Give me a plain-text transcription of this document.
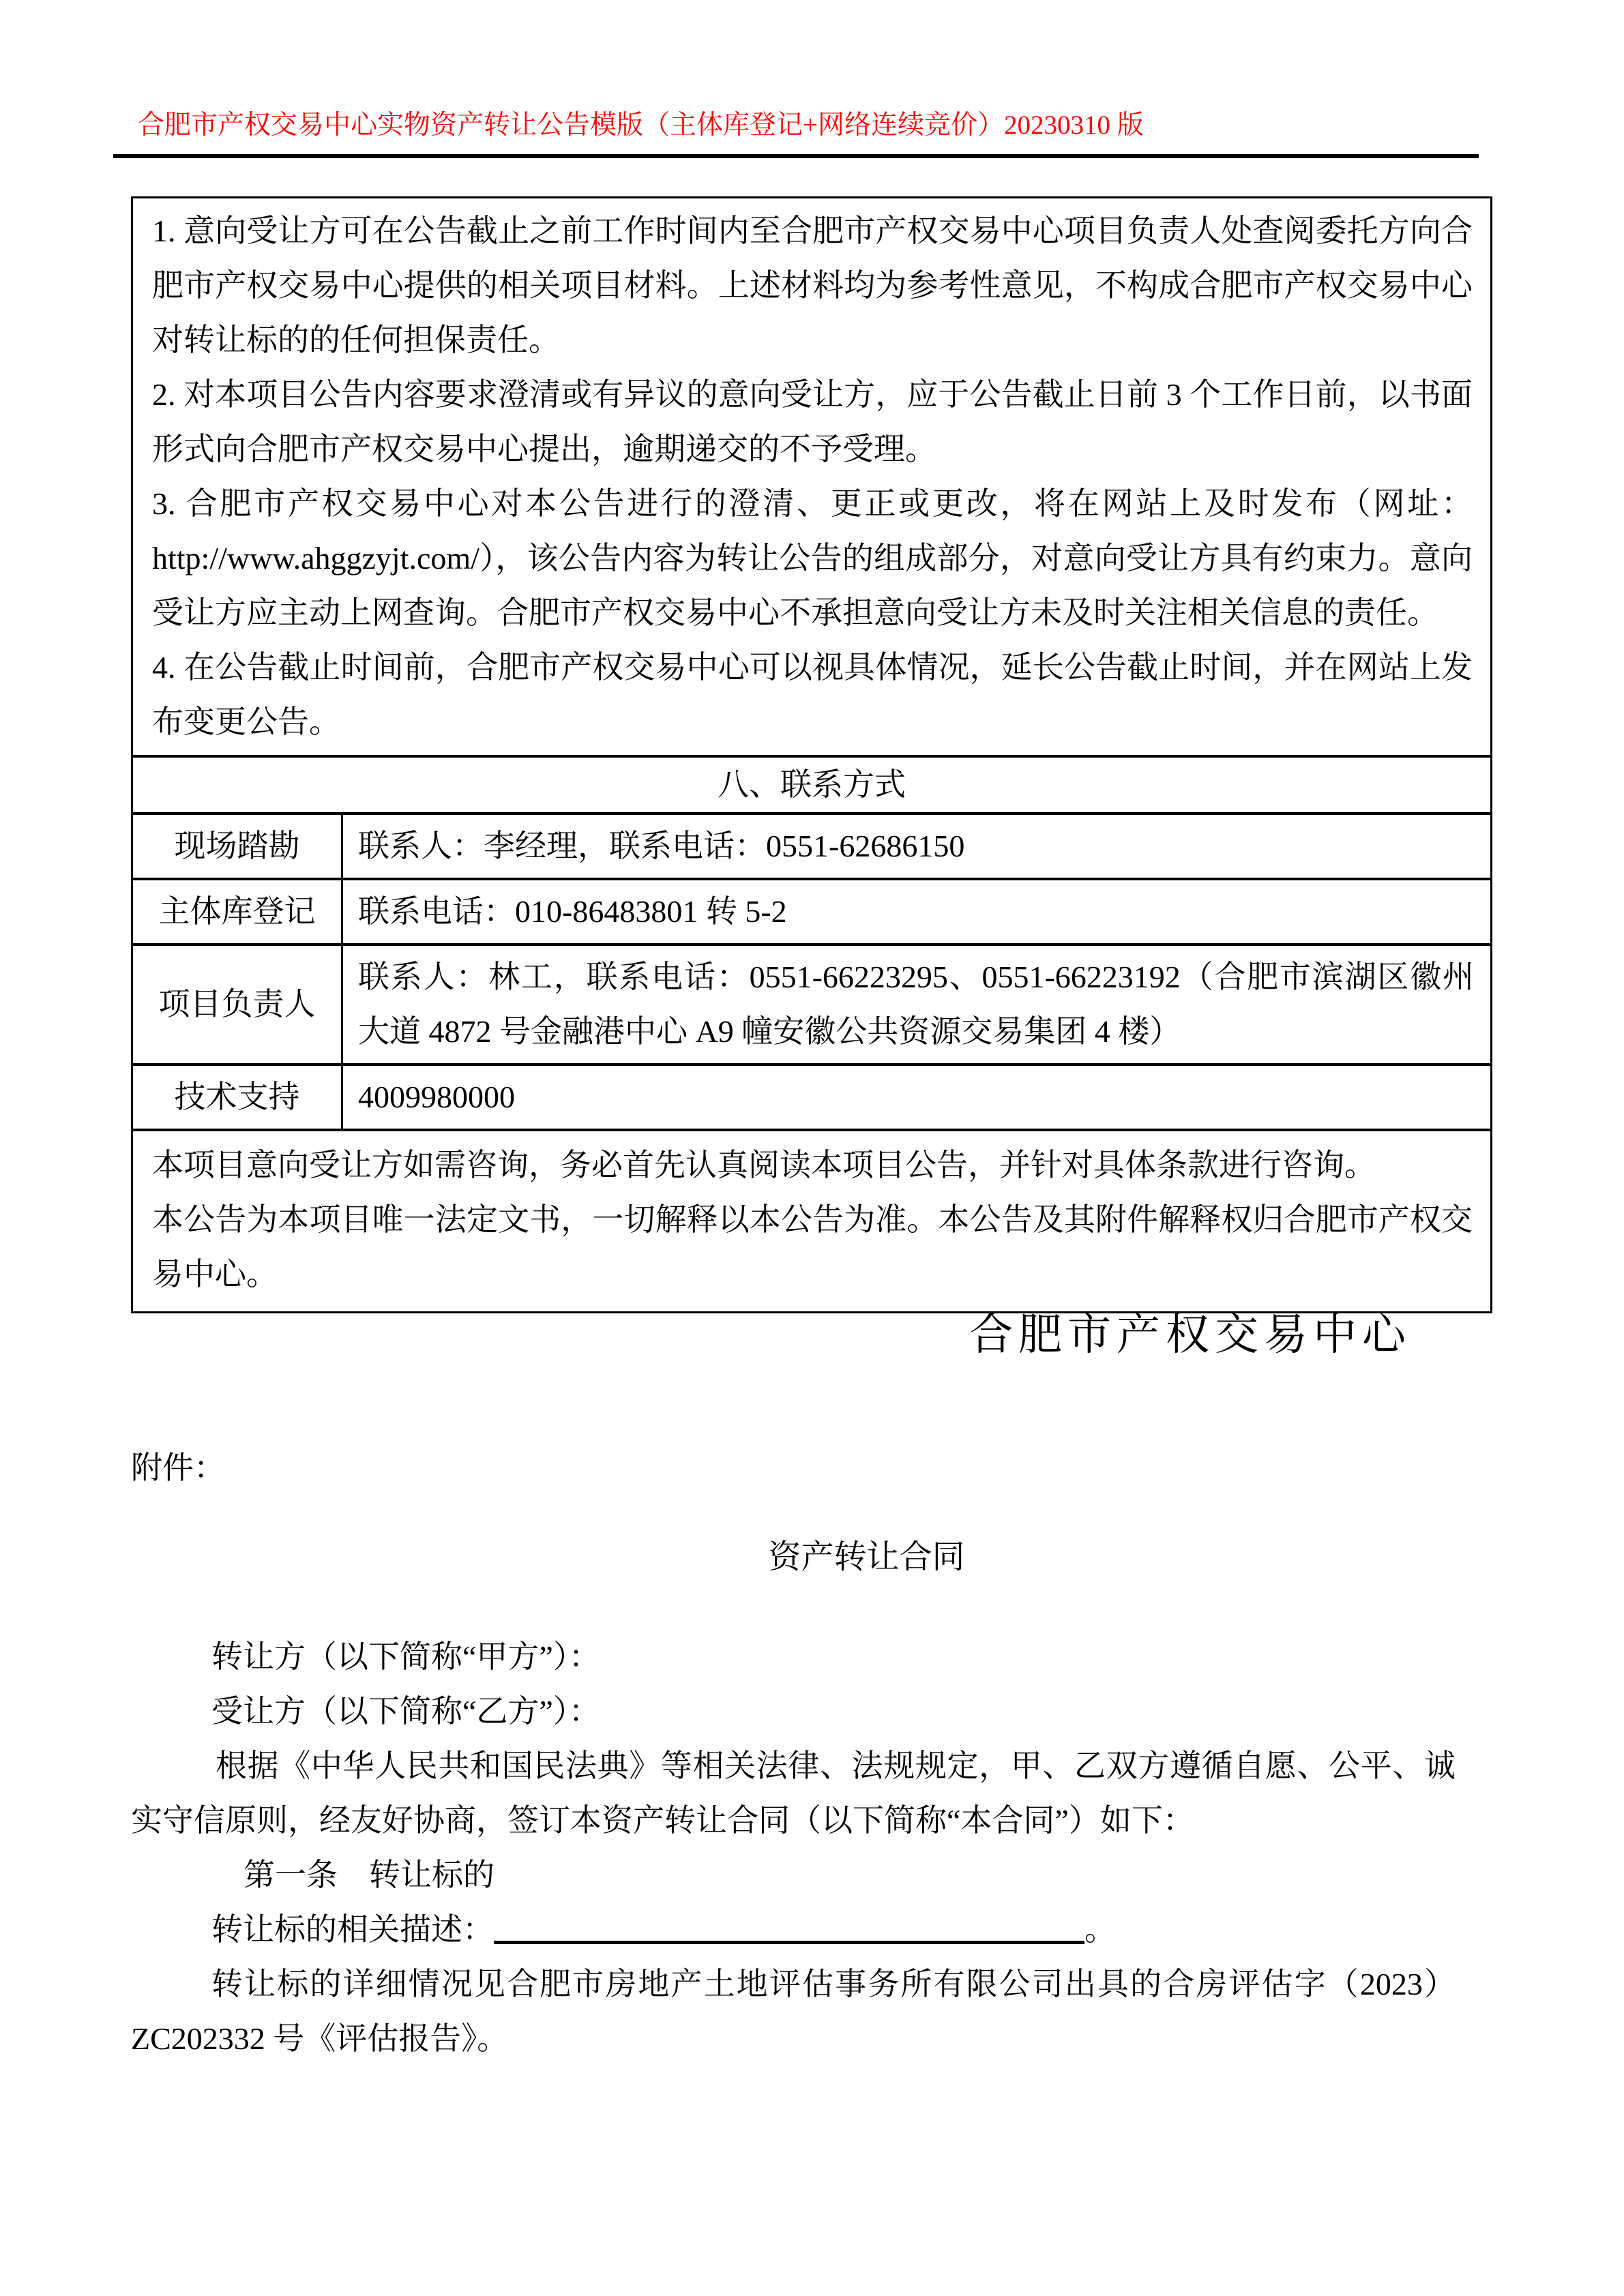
合肥市产权交易中心实物资产转让公告模版（主体库登记+网络连续竞价）20230310 版

1. 意向受让方可在公告截止之前工作时间内至合肥市产权交易中心项目负责人处查阅委托方向合肥市产权交易中心提供的相关项目材料。上述材料均为参考性意见，不构成合肥市产权交易中心对转让标的的任何担保责任。

2. 对本项目公告内容要求澄清或有异议的意向受让方，应于公告截止日前 3 个工作日前，以书面形式向合肥市产权交易中心提出，逾期递交的不予受理。

3. 合肥市产权交易中心对本公告进行的澄清、更正或更改，将在网站上及时发布（网址：http://www.ahggzyjt.com/），该公告内容为转让公告的组成部分，对意向受让方具有约束力。意向受让方应主动上网查询。合肥市产权交易中心不承担意向受让方未及时关注相关信息的责任。

4. 在公告截止时间前，合肥市产权交易中心可以视具体情况，延长公告截止时间，并在网站上发布变更公告。	

八、联系方式	
现场踏勘	联系人：李经理，联系电话：0551-62686150
主体库登记	联系电话：010-86483801 转 5-2
项目负责人	联系人：林工，联系电话：0551-66223295、0551-66223192（合肥市滨湖区徽州大道 4872 号金融港中心 A9 幢安徽公共资源交易集团 4 楼）
技术支持	4009980000

本项目意向受让方如需咨询，务必首先认真阅读本项目公告，并针对具体条款进行咨询。

本公告为本项目唯一法定文书，一切解释以本公告为准。本公告及其附件解释权归合肥市产权交易中心。	

合肥市产权交易中心
附件：
资产转让合同

转让方（以下简称“甲方”）：

受让方（以下简称“乙方”）：

根据《中华人民共和国民法典》等相关法律、法规规定，甲、乙双方遵循自愿、公平、诚实守信原则，经友好协商，签订本资产转让合同（以下简称“本合同”）如下：

第一条　转让标的

转让标的相关描述：	。

转让标的详细情况见合肥市房地产土地评估事务所有限公司出具的合房评估字（2023）ZC202332 号《评估报告》。
